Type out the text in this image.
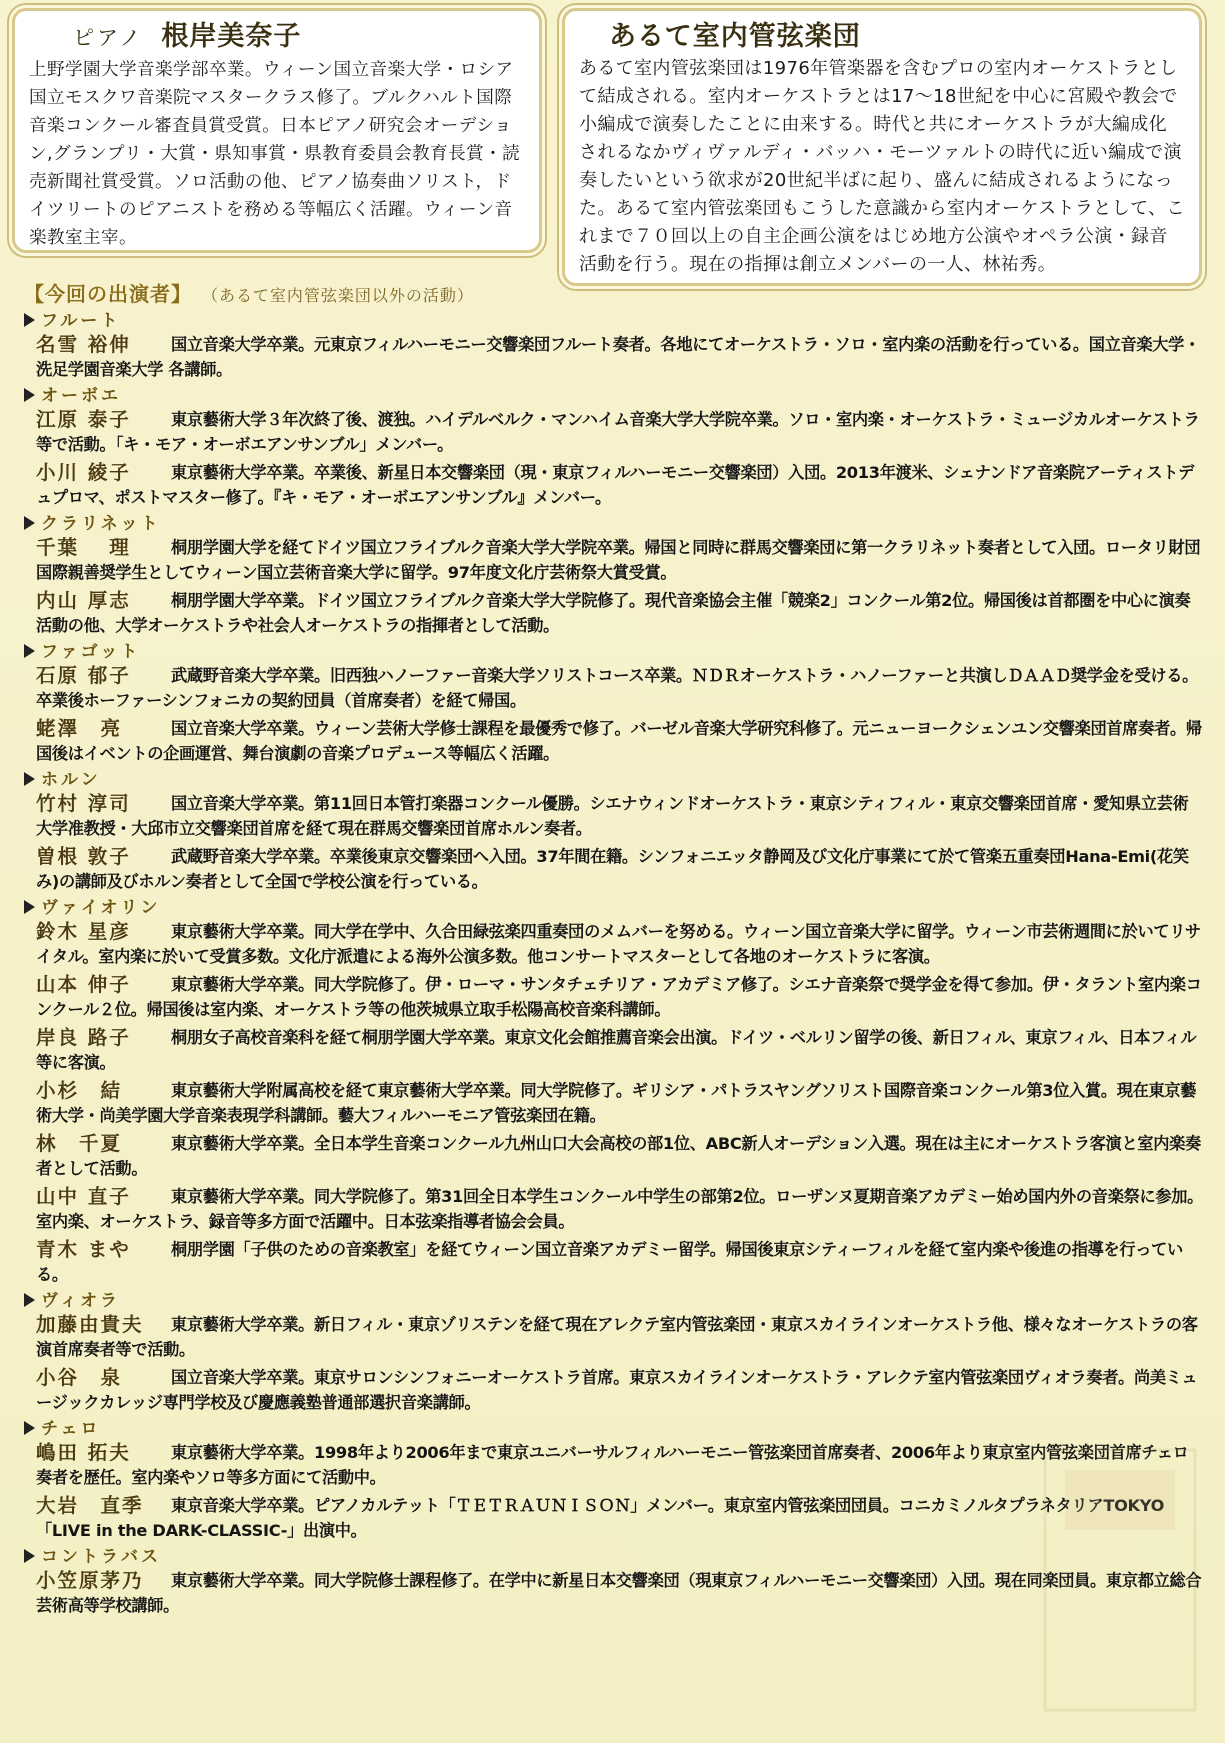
ピアノ 根岸美奈子
上野学園大学音楽学部卒業。ウィーン国立音楽大学・ロシア国立モスクワ音楽院マスタークラス修了。ブルクハルト国際音楽コンクール審査員賞受賞。日本ピアノ研究会オーデション,グランプリ・大賞・県知事賞・県教育委員会教育長賞・読売新聞社賞受賞。ソロ活動の他、ピアノ協奏曲ソリスト，ドイツリートのピアニストを務める等幅広く活躍。ウィーン音楽教室主宰。
あるて室内管弦楽団
あるて室内管弦楽団は1976年管楽器を含むプロの室内オーケストラとして結成される。室内オーケストラとは17〜18世紀を中心に宮殿や教会で小編成で演奏したことに由来する。時代と共にオーケストラが大編成化されるなかヴィヴァルディ・バッハ・モーツァルトの時代に近い編成で演奏したいという欲求が20世紀半ばに起り、盛んに結成されるようになった。あるて室内管弦楽団もこうした意識から室内オーケストラとして、これまで７０回以上の自主企画公演をはじめ地方公演やオペラ公演・録音活動を行う。現在の指揮は創立メンバーの一人、林祐秀。
【今回の出演者】 （あるて室内管弦楽団以外の活動）
フルート
名雪 裕伸	国立音楽大学卒業。元東京フィルハーモニー交響楽団フルート奏者。各地にてオーケストラ・ソロ・室内楽の活動を行っている。国立音楽大学・洗足学園音楽大学 各講師。
オーボエ
江原 泰子	東京藝術大学３年次終了後、渡独。ハイデルベルク・マンハイム音楽大学大学院卒業。ソロ・室内楽・オーケストラ・ミュージカルオーケストラ等で活動。「キ・モア・オーボエアンサンブル」メンバー。
小川 綾子	東京藝術大学卒業。卒業後、新星日本交響楽団（現・東京フィルハーモニー交響楽団）入団。2013年渡米、シェナンドア音楽院アーティストデュプロマ、ポストマスター修了。『キ・モア・オーボエアンサンブル』メンバー。
クラリネット
千葉　 理	桐朋学園大学を経てドイツ国立フライブルク音楽大学大学院卒業。帰国と同時に群馬交響楽団に第一クラリネット奏者として入団。ロータリ財団国際親善奨学生としてウィーン国立芸術音楽大学に留学。97年度文化庁芸術祭大賞受賞。
内山 厚志	桐朋学園大学卒業。ドイツ国立フライブルク音楽大学大学院修了。現代音楽協会主催「競楽2」コンクール第2位。帰国後は首都圏を中心に演奏活動の他、大学オーケストラや社会人オーケストラの指揮者として活動。
ファゴット
石原 郁子	武蔵野音楽大学卒業。旧西独ハノーファー音楽大学ソリストコース卒業。ＮＤＲオーケストラ・ハノーファーと共演しＤＡＡＤ奨学金を受ける。卒業後ホーファーシンフォニカの契約団員（首席奏者）を経て帰国。
蛯澤　亮	国立音楽大学卒業。ウィーン芸術大学修士課程を最優秀で修了。バーゼル音楽大学研究科修了。元ニューヨークシェンユン交響楽団首席奏者。帰国後はイベントの企画運営、舞台演劇の音楽プロデュース等幅広く活躍。
ホルン
竹村 淳司	国立音楽大学卒業。第11回日本管打楽器コンクール優勝。シエナウィンドオーケストラ・東京シティフィル・東京交響楽団首席・愛知県立芸術大学准教授・大邱市立交響楽団首席を経て現在群馬交響楽団首席ホルン奏者。
曽根 敦子	武蔵野音楽大学卒業。卒業後東京交響楽団へ入団。37年間在籍。シンフォニエッタ静岡及び文化庁事業にて於て管楽五重奏団Hana-Emi(花笑み)の講師及びホルン奏者として全国で学校公演を行っている。
ヴァイオリン
鈴木 星彦	東京藝術大学卒業。同大学在学中、久合田緑弦楽四重奏団のメムバーを努める。ウィーン国立音楽大学に留学。ウィーン市芸術週間に於いてリサイタル。室内楽に於いて受賞多数。文化庁派遣による海外公演多数。他コンサートマスターとして各地のオーケストラに客演。
山本 伸子	東京藝術大学卒業。同大学院修了。伊・ローマ・サンタチェチリア・アカデミア修了。シエナ音楽祭で奨学金を得て参加。伊・タラント室内楽コンクール２位。帰国後は室内楽、オーケストラ等の他茨城県立取手松陽高校音楽科講師。
岸良 路子	桐朋女子高校音楽科を経て桐朋学園大学卒業。東京文化会館推薦音楽会出演。ドイツ・ベルリン留学の後、新日フィル、東京フィル、日本フィル等に客演。
小杉　結	東京藝術大学附属高校を経て東京藝術大学卒業。同大学院修了。ギリシア・パトラスヤングソリスト国際音楽コンクール第3位入賞。現在東京藝術大学・尚美学園大学音楽表現学科講師。藝大フィルハーモニア管弦楽団在籍。
林　千夏	東京藝術大学卒業。全日本学生音楽コンクール九州山口大会高校の部1位、ABC新人オーデション入選。現在は主にオーケストラ客演と室内楽奏者として活動。
山中 直子	東京藝術大学卒業。同大学院修了。第31回全日本学生コンクール中学生の部第2位。ローザンヌ夏期音楽アカデミー始め国内外の音楽祭に参加。室内楽、オーケストラ、録音等多方面で活躍中。日本弦楽指導者協会会員。
青木 まや	桐朋学園「子供のための音楽教室」を経てウィーン国立音楽アカデミー留学。帰国後東京シティーフィルを経て室内楽や後進の指導を行っている。
ヴィオラ
加藤由貴夫	東京藝術大学卒業。新日フィル・東京ゾリステンを経て現在アレクテ室内管弦楽団・東京スカイラインオーケストラ他、様々なオーケストラの客演首席奏者等で活動。
小谷　泉	国立音楽大学卒業。東京サロンシンフォニーオーケストラ首席。東京スカイラインオーケストラ・アレクテ室内管弦楽団ヴィオラ奏者。尚美ミュージックカレッジ専門学校及び慶應義塾普通部選択音楽講師。
チェロ
嶋田 拓夫	東京藝術大学卒業。1998年より2006年まで東京ユニバーサルフィルハーモニー管弦楽団首席奏者、2006年より東京室内管弦楽団首席チェロ奏者を歴任。室内楽やソロ等多方面にて活動中。
大岩　直季	東京音楽大学卒業。ピアノカルテット「ＴＥＴＲＡＵＮＩＳＯＮ」メンバー。東京室内管弦楽団団員。コニカミノルタプラネタリアTOKYO「LIVE in the DARK-CLASSIC-」出演中。
コントラバス
小笠原茅乃	東京藝術大学卒業。同大学院修士課程修了。在学中に新星日本交響楽団（現東京フィルハーモニー交響楽団）入団。現在同楽団員。東京都立総合芸術高等学校講師。
